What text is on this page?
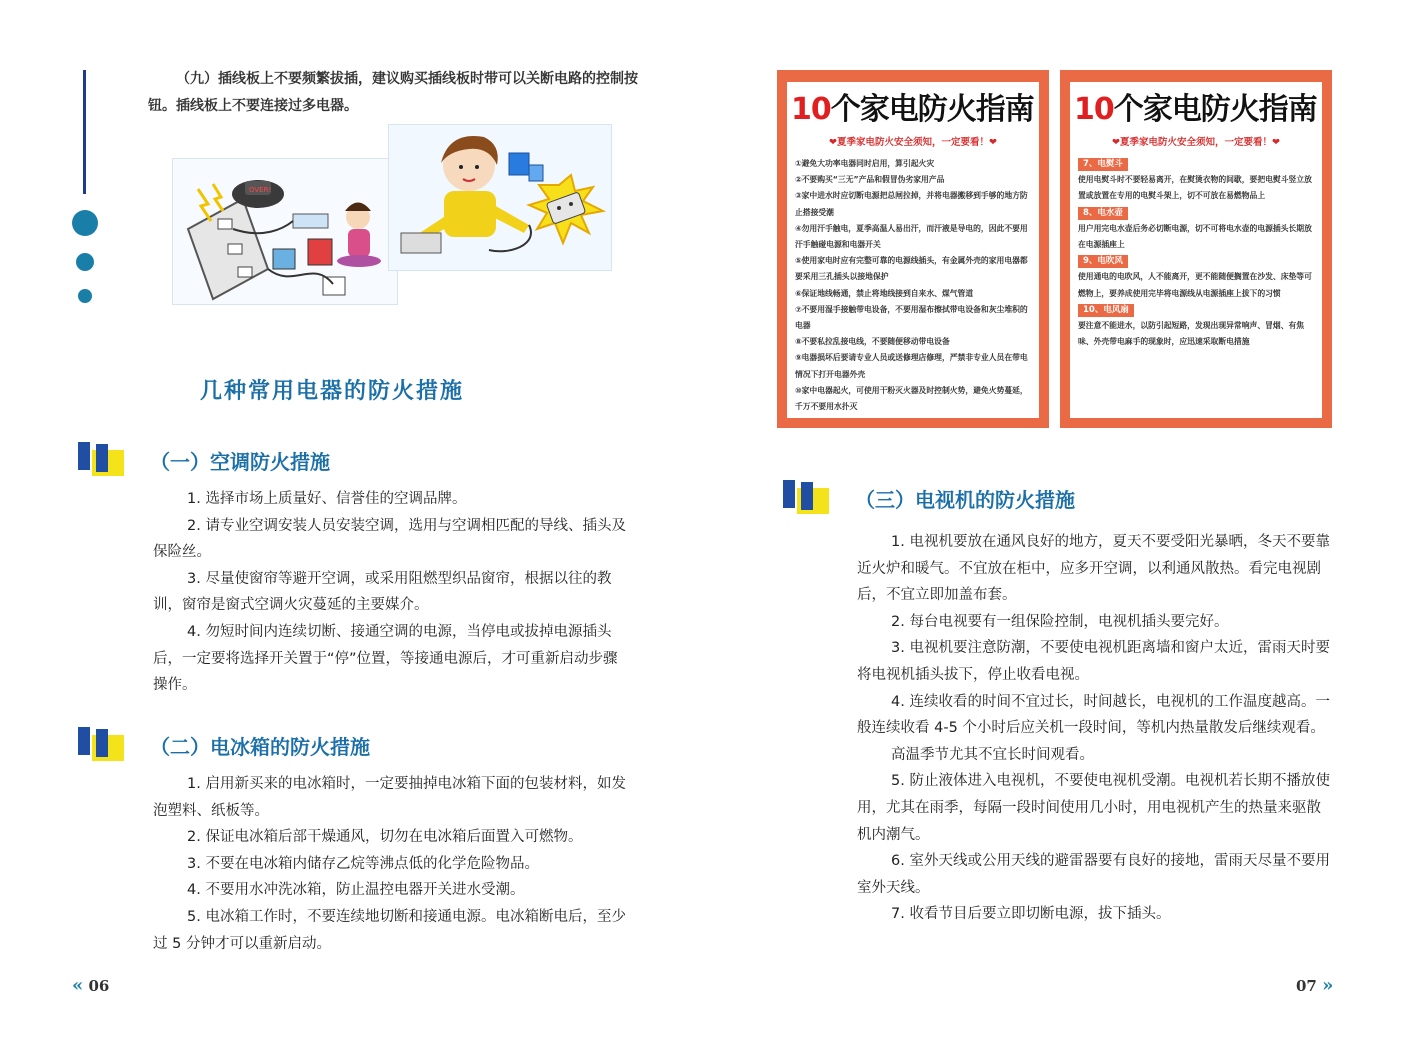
（九）插线板上不要频繁拔插，建议购买插线板时带可以关断电路的控制按钮。插线板上不要连接过多电器。

OVER!
几种常用电器的防火措施
（一）空调防火措施

1. 选择市场上质量好、信誉佳的空调品牌。

2. 请专业空调安装人员安装空调，选用与空调相匹配的导线、插头及保险丝。

3. 尽量使窗帘等避开空调，或采用阻燃型织品窗帘，根据以往的教训，窗帘是窗式空调火灾蔓延的主要媒介。

4. 勿短时间内连续切断、接通空调的电源，当停电或拔掉电源插头后，一定要将选择开关置于“停”位置，等接通电源后，才可重新启动步骤操作。

（二）电冰箱的防火措施

1. 启用新买来的电冰箱时，一定要抽掉电冰箱下面的包装材料，如发泡塑料、纸板等。

2. 保证电冰箱后部干燥通风，切勿在电冰箱后面置入可燃物。

3. 不要在电冰箱内储存乙烷等沸点低的化学危险物品。

4. 不要用水冲洗冰箱，防止温控电器开关进水受潮。

5. 电冰箱工作时，不要连续地切断和接通电源。电冰箱断电后，至少过 5 分钟才可以重新启动。

« 06
10个家电防火指南
❤夏季家电防火安全须知，一定要看！❤
①避免大功率电器同时启用，算引起火灾
②不要购买“三无”产品和假冒伪劣家用产品
③家中进水时应切断电源把总闸拉掉，并将电器搬移到手够的地方防止搭接受潮
④勿用汗手触电，夏季高温人易出汗，而汗液是导电的，因此不要用汗手触碰电源和电器开关
⑤使用家电时应有完整可靠的电源线插头，有金属外壳的家用电器都要采用三孔插头以接地保护
⑥保证地线畅通，禁止将地线接到自来水、煤气管道
⑦不要用湿手接触带电设备，不要用湿布擦拭带电设备和灰尘堆积的电器
⑧不要私拉乱接电线，不要随便移动带电设备
⑨电器损坏后要请专业人员或送修理店修理，严禁非专业人员在带电情况下打开电器外壳
⑩家中电器起火，可使用干粉灭火器及时控制火势，避免火势蔓延，千万不要用水扑灭
10个家电防火指南
❤夏季家电防火安全须知，一定要看！❤
7、电熨斗
使用电熨斗时不要轻易离开，在熨烫衣物的间歇，要把电熨斗竖立放置或放置在专用的电熨斗架上，切不可放在易燃物品上
8、电水壶
用户用完电水壶后务必切断电源，切不可将电水壶的电源插头长期放在电源插座上
9、电吹风
使用通电的电吹风，人不能离开，更不能随便搁置在沙发、床垫等可燃物上，要养成使用完毕将电源线从电源插座上拔下的习惯
10、电风扇
要注意不能进水，以防引起短路，发现出现异常响声、冒烟、有焦味、外壳带电麻手的现象时，应迅速采取断电措施
（三）电视机的防火措施

1. 电视机要放在通风良好的地方，夏天不要受阳光暴晒，冬天不要靠近火炉和暖气。不宜放在柜中，应多开空调，以利通风散热。看完电视剧后，不宜立即加盖布套。

2. 每台电视要有一组保险控制，电视机插头要完好。

3. 电视机要注意防潮，不要使电视机距离墙和窗户太近，雷雨天时要将电视机插头拔下，停止收看电视。

4. 连续收看的时间不宜过长，时间越长，电视机的工作温度越高。一般连续收看 4-5 个小时后应关机一段时间，等机内热量散发后继续观看。

高温季节尤其不宜长时间观看。

5. 防止液体进入电视机，不要使电视机受潮。电视机若长期不播放使用，尤其在雨季，每隔一段时间使用几小时，用电视机产生的热量来驱散机内潮气。

6. 室外天线或公用天线的避雷器要有良好的接地，雷雨天尽量不要用室外天线。

7. 收看节目后要立即切断电源，拔下插头。

07 »
